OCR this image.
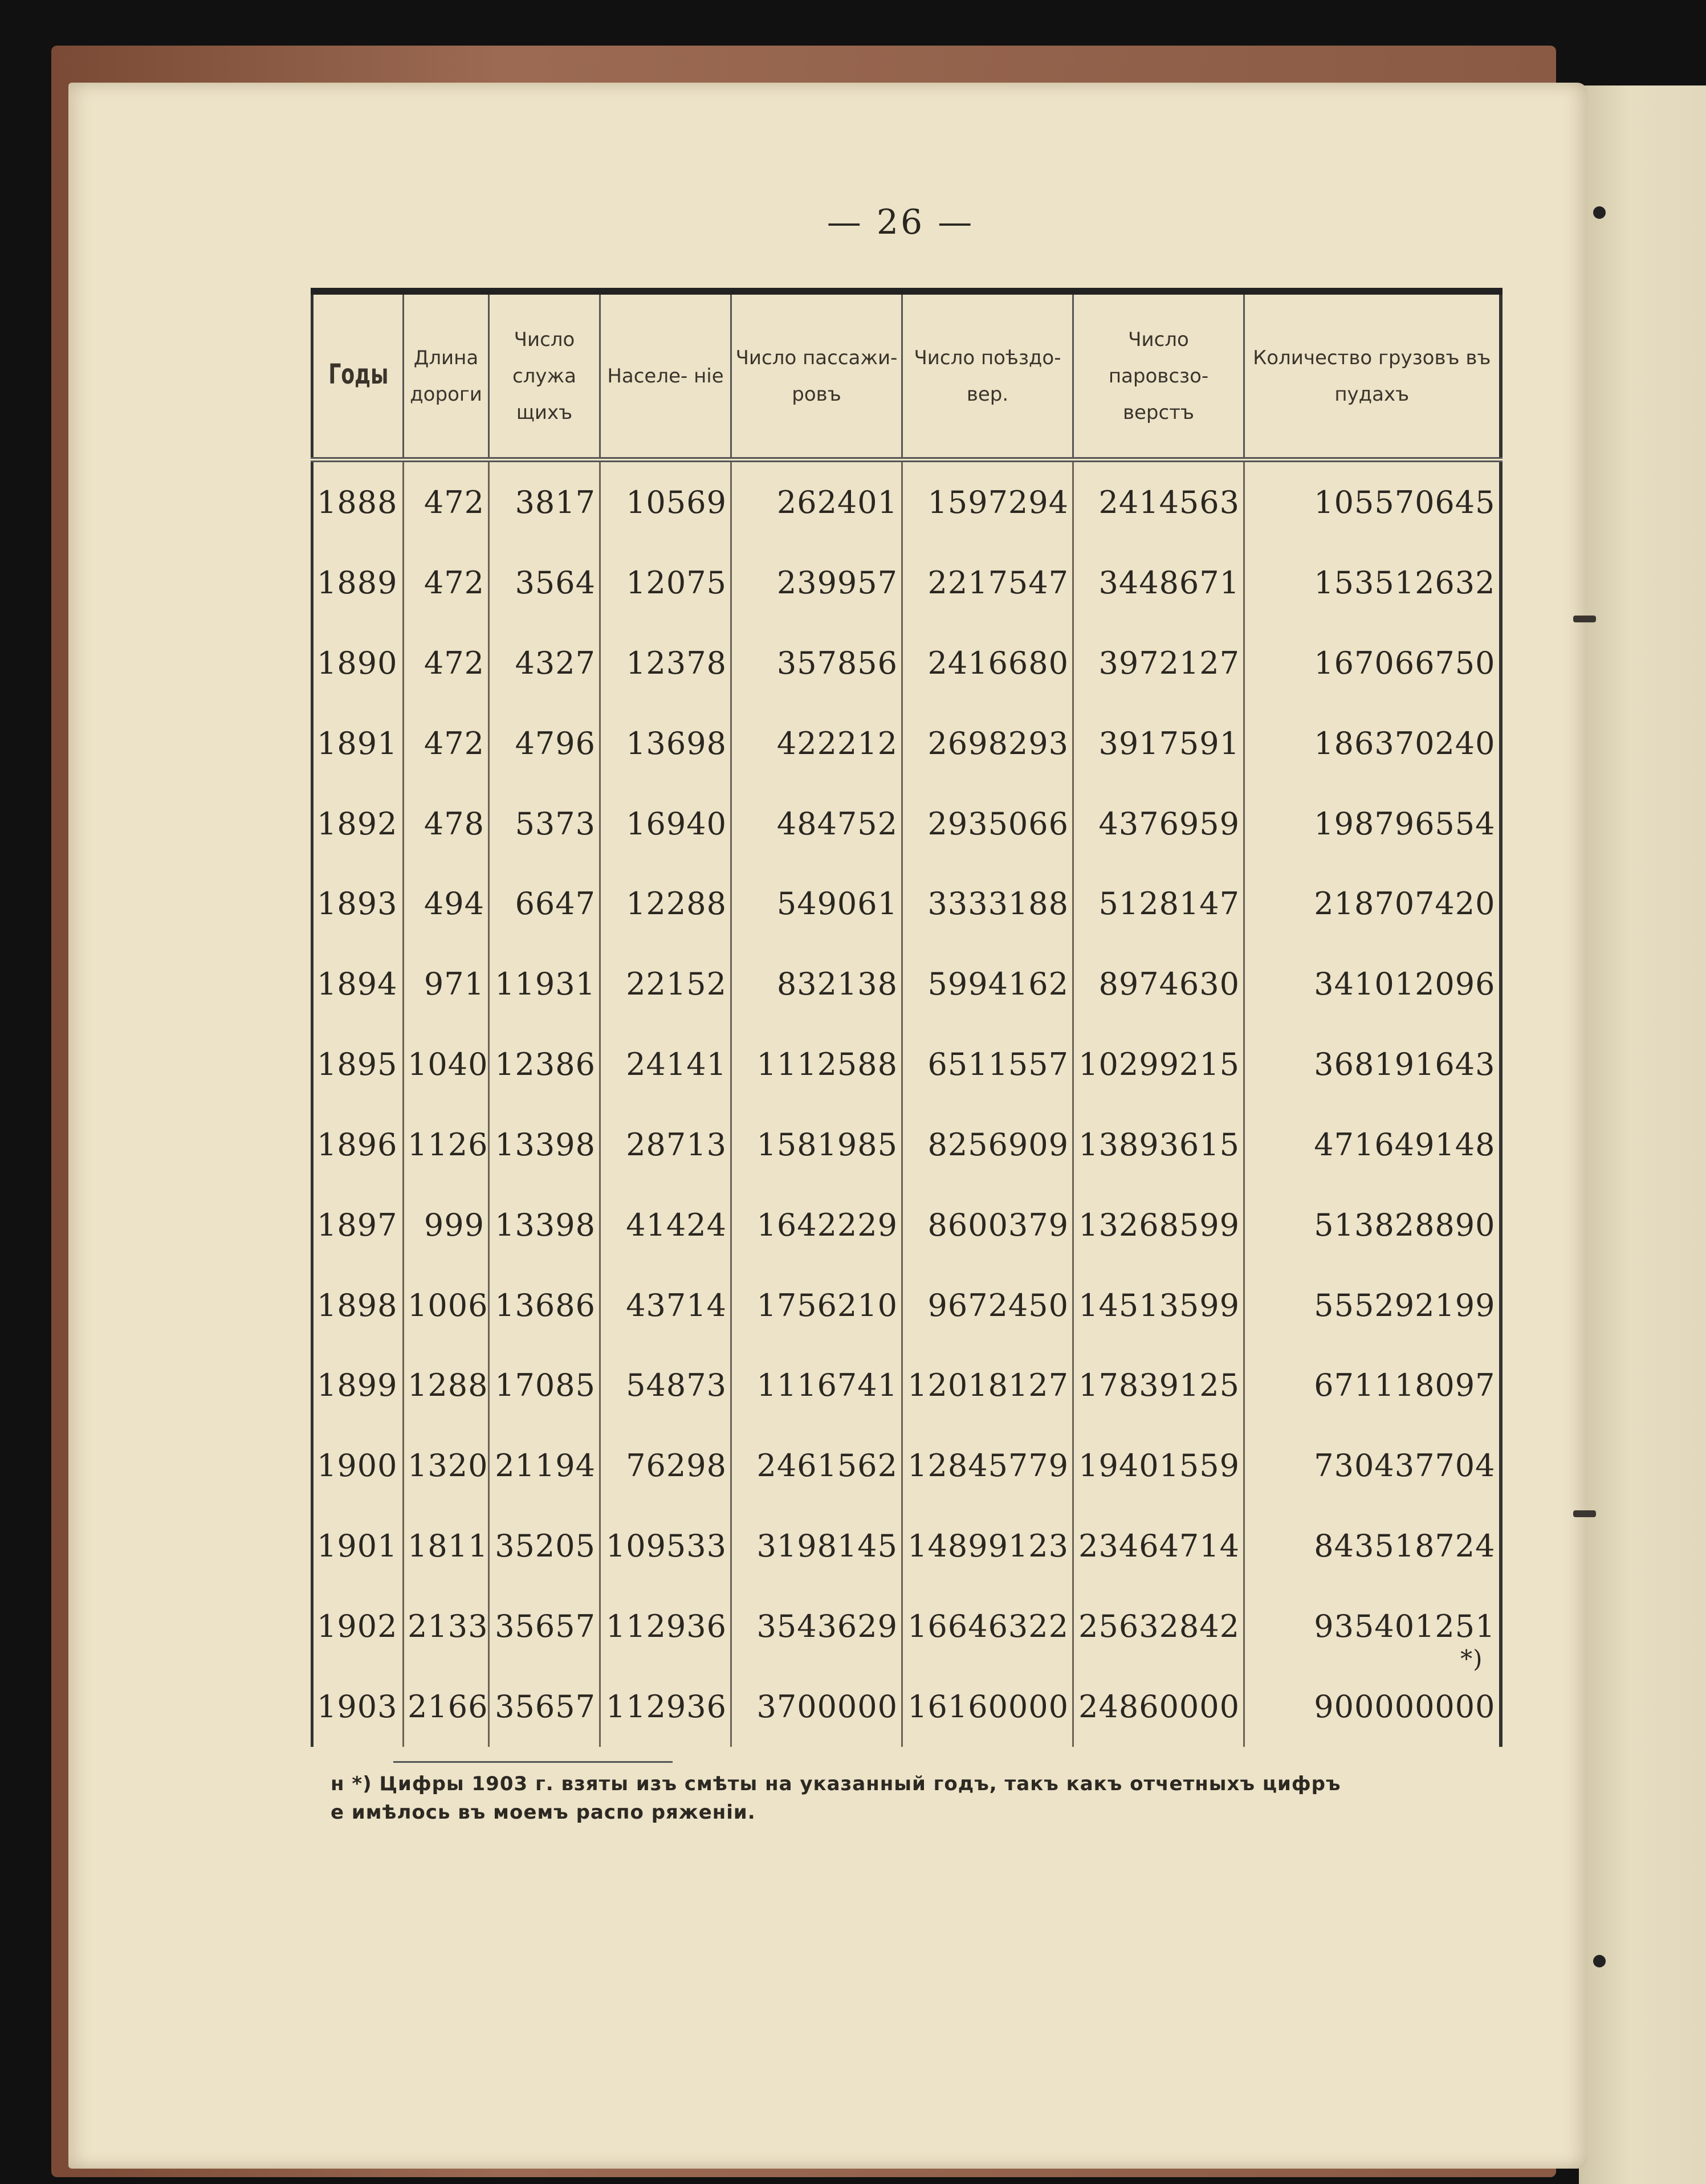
— 26 —
Годы	Длина дороги	Число служа щихъ	Населе- нiе	Число пассажи- ровъ	Число поѣздо-вер.	Число паровсзо- верстъ	Количество грузовъ въ пудахъ
1888	472	3817	10569	262401	1597294	2414563	105570645
1889	472	3564	12075	239957	2217547	3448671	153512632
1890	472	4327	12378	357856	2416680	3972127	167066750
1891	472	4796	13698	422212	2698293	3917591	186370240
1892	478	5373	16940	484752	2935066	4376959	198796554
1893	494	6647	12288	549061	3333188	5128147	218707420
1894	971	11931	22152	832138	5994162	8974630	341012096
1895	1040	12386	24141	1112588	6511557	10299215	368191643
1896	1126	13398	28713	1581985	8256909	13893615	471649148
1897	999	13398	41424	1642229	8600379	13268599	513828890
1898	1006	13686	43714	1756210	9672450	14513599	555292199
1899	1288	17085	54873	1116741	12018127	17839125	671118097
1900	1320	21194	76298	2461562	12845779	19401559	730437704
1901	1811	35205	109533	3198145	14899123	23464714	843518724
1902	2133	35657	112936	3543629	16646322	25632842	935401251
1903	2166	35657	112936	3700000	16160000	24860000	900000000
*)
н *) Цифры 1903 г. взяты изъ смѣты на указанный годъ, такъ какъ отчетныхъ цифръ
е имѣлось въ моемъ распо ряженiи.
